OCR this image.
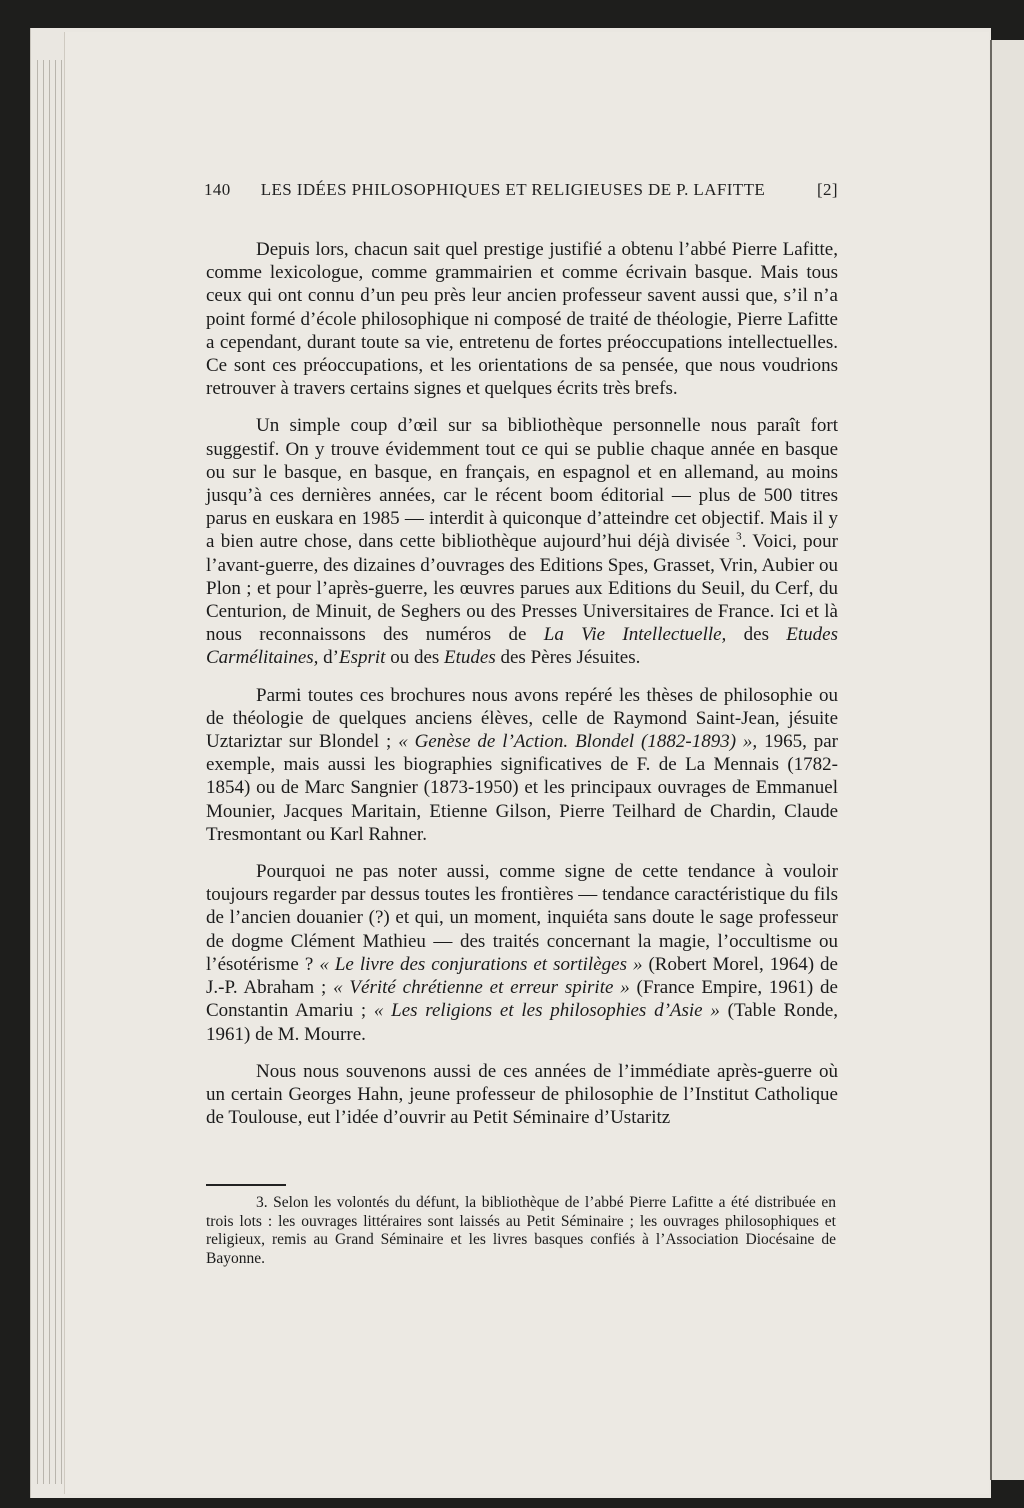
140 LES IDÉES PHILOSOPHIQUES ET RELIGIEUSES DE P. LAFITTE	[2]

Depuis lors, chacun sait quel prestige justifié a obtenu l’abbé Pierre Lafitte, comme lexicologue, comme grammairien et comme écrivain basque. Mais tous ceux qui ont connu d’un peu près leur ancien professeur savent aussi que, s’il n’a point formé d’école philosophique ni composé de traité de théologie, Pierre Lafitte a cependant, durant toute sa vie, entretenu de fortes préoccupations intellectuelles. Ce sont ces préoccupations, et les orientations de sa pensée, que nous voudrions retrouver à travers certains signes et quelques écrits très brefs.

Un simple coup d’œil sur sa bibliothèque personnelle nous paraît fort suggestif. On y trouve évidemment tout ce qui se publie chaque année en basque ou sur le basque, en basque, en français, en espagnol et en allemand, au moins jusqu’à ces dernières années, car le récent boom éditorial — plus de 500 titres parus en euskara en 1985 — interdit à quiconque d’atteindre cet objectif. Mais il y a bien autre chose, dans cette bibliothèque aujourd’hui déjà divisée $^3$. Voici, pour l’avant-guerre, des dizaines d’ouvrages des Editions Spes, Grasset, Vrin, Aubier ou Plon ; et pour l’après-guerre, les œuvres parues aux Editions du Seuil, du Cerf, du Centurion, de Minuit, de Seghers ou des Presses Universitaires de France. Ici et là nous reconnaissons des numéros de La Vie Intellectuelle, des Etudes Carmélitaines, d’Esprit ou des Etudes des Pères Jésuites.

Parmi toutes ces brochures nous avons repéré les thèses de philosophie ou de théologie de quelques anciens élèves, celle de Raymond Saint-Jean, jésuite Uztariztar sur Blondel ; « Genèse de l’Action. Blondel (1882-1893) », 1965, par exemple, mais aussi les biographies significatives de F. de La Mennais (1782-1854) ou de Marc Sangnier (1873-1950) et les principaux ouvrages de Emmanuel Mounier, Jacques Maritain, Etienne Gilson, Pierre Teilhard de Chardin, Claude Tresmontant ou Karl Rahner.

Pourquoi ne pas noter aussi, comme signe de cette tendance à vouloir toujours regarder par dessus toutes les frontières — tendance caractéristique du fils de l’ancien douanier (?) et qui, un moment, inquiéta sans doute le sage professeur de dogme Clément Mathieu — des traités concernant la magie, l’occultisme ou l’ésotérisme ? « Le livre des conjurations et sortilèges » (Robert Morel, 1964) de J.-P. Abraham ; « Vérité chrétienne et erreur spirite » (France Empire, 1961) de Constantin Amariu ; « Les religions et les philosophies d’Asie » (Table Ronde, 1961) de M. Mourre.

Nous nous souvenons aussi de ces années de l’immédiate après-guerre où un certain Georges Hahn, jeune professeur de philosophie de l’Institut Catholique de Toulouse, eut l’idée d’ouvrir au Petit Séminaire d’Ustaritz

3. Selon les volontés du défunt, la bibliothèque de l’abbé Pierre Lafitte a été distribuée en trois lots : les ouvrages littéraires sont laissés au Petit Séminaire ; les ouvrages philosophiques et religieux, remis au Grand Séminaire et les livres basques confiés à l’Association Diocésaine de Bayonne.
